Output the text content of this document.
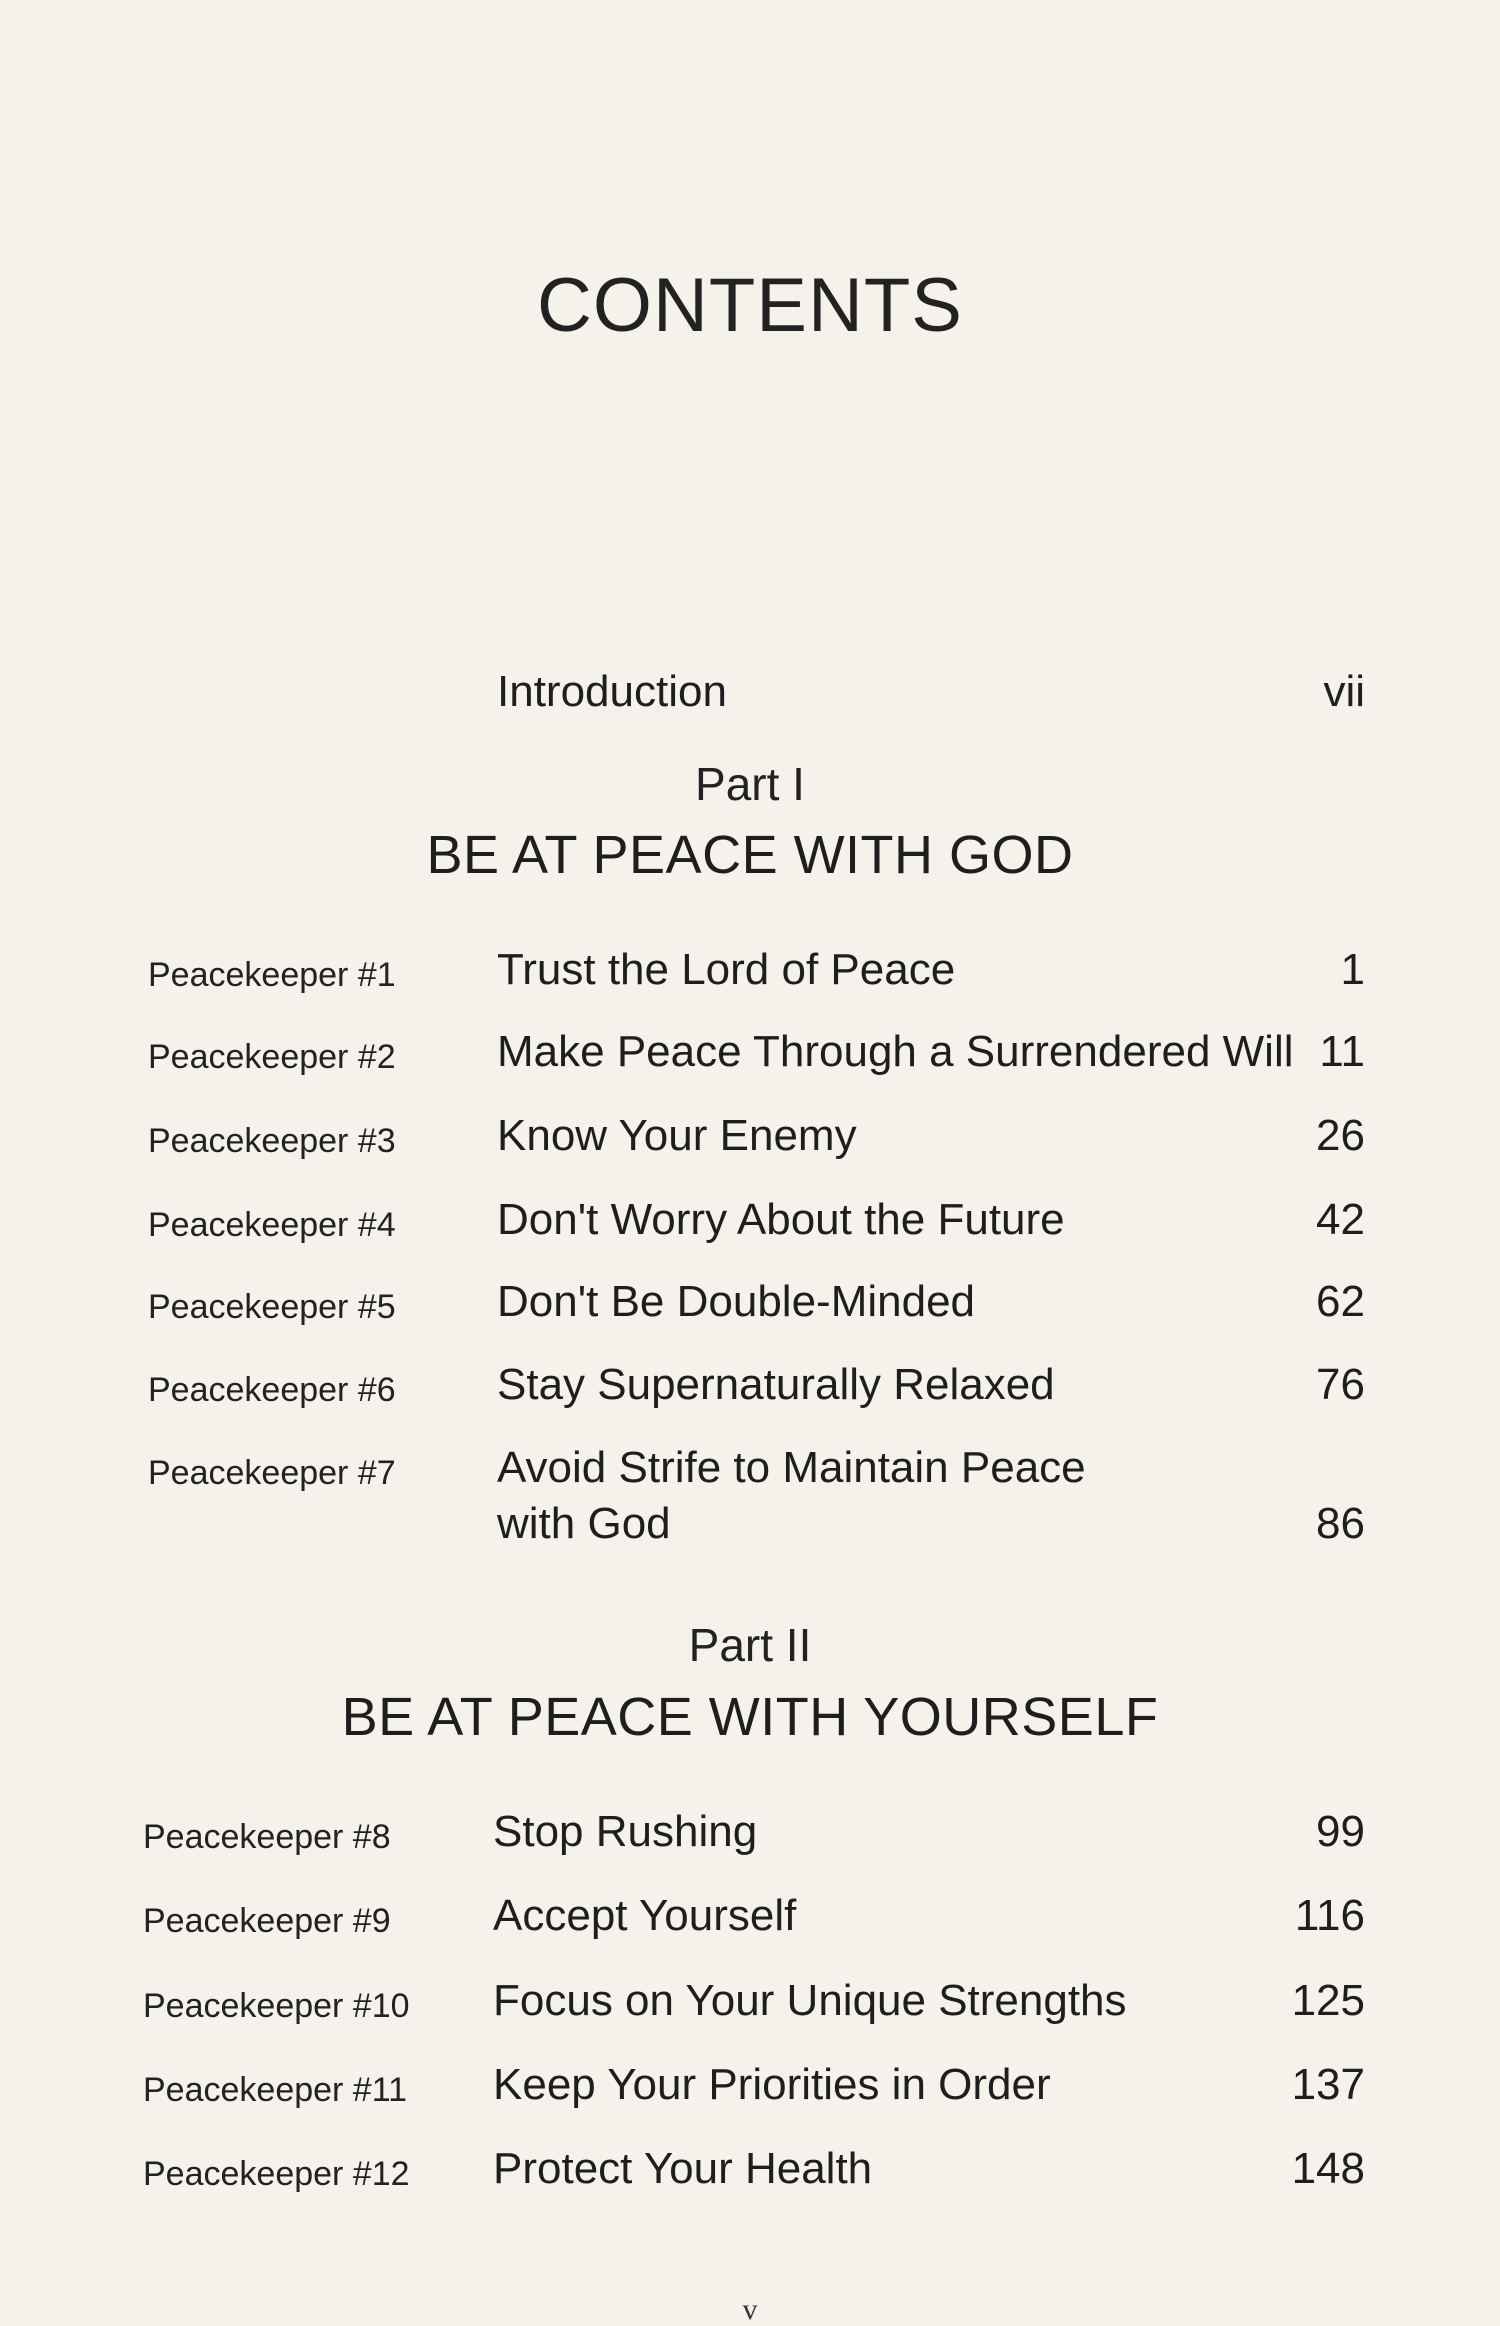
CONTENTS
Introduction	vii
Part I
BE AT PEACE WITH GOD
Peacekeeper #1 Trust the Lord of Peace	1
Peacekeeper #2 Make Peace Through a Surrendered Will 11
Peacekeeper #3 Know Your Enemy	26
Peacekeeper #4 Don't Worry About the Future	42
Peacekeeper #5 Don't Be Double-Minded	62
Peacekeeper #6 Stay Supernaturally Relaxed	76
Peacekeeper #7 Avoid Strife to Maintain Peace
with God	86
Part II
BE AT PEACE WITH YOURSELF
Peacekeeper #8 Stop Rushing	99
Peacekeeper #9 Accept Yourself	116
Peacekeeper #10 Focus on Your Unique Strengths	125
Peacekeeper #11 Keep Your Priorities in Order	137
Peacekeeper #12 Protect Your Health	148
v
